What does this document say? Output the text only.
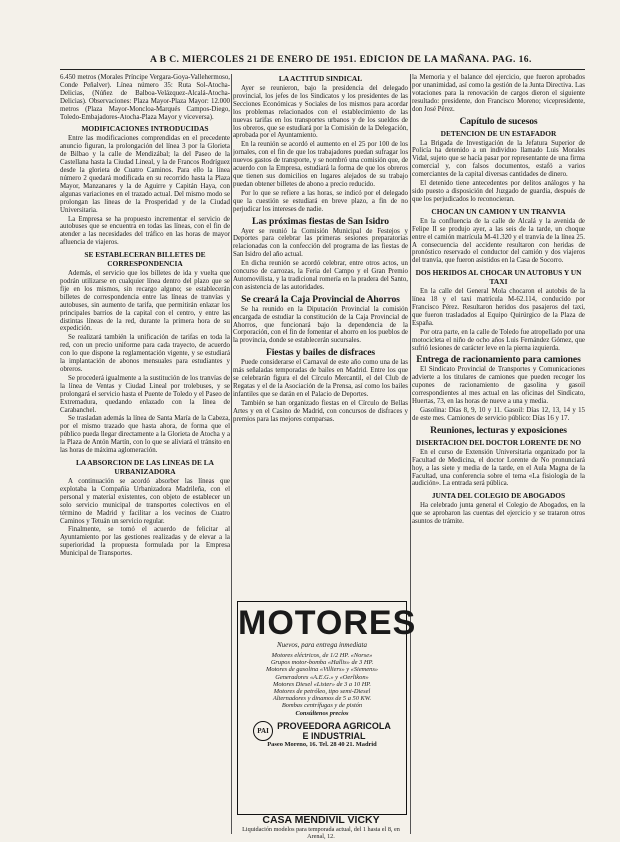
A B C. MIERCOLES 21 DE ENERO DE 1951. EDICION DE LA MAÑANA. PAG. 16.

6.450 metros (Morales Príncipe Vergara-Goya-Vallehermoso, Conde Peñalver). Línea número 35: Ruta Sol-Atocha-Delicias, (Núñez de Balboa-Velázquez-Alcalá-Atocha-Delicias). Observaciones: Plaza Mayor-Plaza Mayor: 12.000 metros (Plaza Mayor-Moncloa-Marqués Campos-Diego, Toledo-Embajadores-Atocha-Plaza Mayor y viceversa).

MODIFICACIONES INTRODUCIDAS

Entre las modificaciones comprendidas en el precedente anuncio figuran, la prolongación del línea 3 por la Glorieta de Bilbao y la calle de Mendizábal; la del Paseo de la Castellana hasta la Ciudad Lineal, y la de Francos Rodríguez desde la glorieta de Cuatro Caminos. Para ello la línea número 2 quedará modificada en su recorrido hasta la Plaza Mayor, Manzanares y la de Aguirre y Capitán Haya, con algunas variaciones en el trazado actual. Del mismo modo se prolongan las líneas de la Prosperidad y de la Ciudad Universitaria.

La Empresa se ha propuesto incrementar el servicio de autobuses que se encuentra en todas las líneas, con el fin de atender a las necesidades del tráfico en las horas de mayor afluencia de viajeros.

SE ESTABLECERAN BILLETES DE CORRESPONDENCIA

Además, el servicio que los billetes de ida y vuelta que podrán utilizarse en cualquier línea dentro del plazo que se fije en los mismos, sin recargo alguno; se establecerán billetes de correspondencia entre las líneas de tranvías y autobuses, sin aumento de tarifa, que permitirán enlazar los principales barrios de la capital con el centro, y entre las distintas líneas de la red, durante la primera hora de su expedición.

Se realizará también la unificación de tarifas en toda la red, con un precio uniforme para cada trayecto, de acuerdo con lo que dispone la reglamentación vigente, y se estudiará la implantación de abonos mensuales para estudiantes y obreros.

Se procederá igualmente a la sustitución de los tranvías de la línea de Ventas y Ciudad Lineal por trolebuses, y se prolongará el servicio hasta el Puente de Toledo y el Paseo de Extremadura, quedando enlazado con la línea de Carabanchel.

Se trasladan además la línea de Santa María de la Cabeza, por el mismo trazado que hasta ahora, de forma que el público pueda llegar directamente a la Glorieta de Atocha y a la Plaza de Antón Martín, con lo que se aliviará el tránsito en las horas de máxima aglomeración.

LA ABSORCION DE LAS LINEAS DE LA URBANIZADORA

A continuación se acordó absorber las líneas que explotaba la Compañía Urbanizadora Madrileña, con el personal y material existentes, con objeto de establecer un solo servicio municipal de transportes colectivos en el término de Madrid y facilitar a los vecinos de Cuatro Caminos y Tetuán un servicio regular.

Finalmente, se tomó el acuerdo de felicitar al Ayuntamiento por las gestiones realizadas y de elevar a la superioridad la propuesta formulada por la Empresa Municipal de Transportes.

LA ACTITUD SINDICAL

Ayer se reunieron, bajo la presidencia del delegado provincial, los jefes de los Sindicatos y los presidentes de las Secciones Económicas y Sociales de los mismos para acordar los problemas relacionados con el establecimiento de las nuevas tarifas en los transportes urbanos y de los sueldos de los obreros, que se estudiará por la Comisión de la Delegación, aprobada por el Ayuntamiento.

En la reunión se acordó el aumento en el 25 por 100 de los jornales, con el fin de que los trabajadores puedan sufragar los nuevos gastos de transporte, y se nombró una comisión que, de acuerdo con la Empresa, estudiará la forma de que los obreros que tienen sus domicilios en lugares alejados de su trabajo puedan obtener billetes de abono a precio reducido.

Por lo que se refiere a las horas, se indicó por el delegado que la cuestión se estudiará en breve plazo, a fin de no perjudicar los intereses de nadie.

Las próximas fiestas de San Isidro

Ayer se reunió la Comisión Municipal de Festejos y Deportes para celebrar las primeras sesiones preparatorias relacionadas con la confección del programa de las fiestas de San Isidro del año actual.

En dicha reunión se acordó celebrar, entre otros actos, un concurso de carrozas, la Feria del Campo y el Gran Premio Automovilista, y la tradicional romería en la pradera del Santo, con asistencia de las autoridades.

Se creará la Caja Provincial de Ahorros

Se ha reunido en la Diputación Provincial la comisión encargada de estudiar la constitución de la Caja Provincial de Ahorros, que funcionará bajo la dependencia de la Corporación, con el fin de fomentar el ahorro en los pueblos de la provincia, donde se establecerán sucursales.

Fiestas y bailes de disfraces

Puede considerarse el Carnaval de este año como una de las más señaladas temporadas de bailes en Madrid. Entre los que se celebrarán figura el del Círculo Mercantil, el del Club de Regatas y el de la Asociación de la Prensa, así como los bailes infantiles que se darán en el Palacio de Deportes.

También se han organizado fiestas en el Círculo de Bellas Artes y en el Casino de Madrid, con concursos de disfraces y premios para las mejores comparsas.

MOTORES
Nuevos, para entrega inmediata
Motores eléctricos, de 1/2 HP. «Norse»
Grupos motor-bomba «Hallis» de 3 HP.
Motores de gasolina «Villiers» y «Siemens»
Generadores «A.E.G.» y «Oerlikon»
Motores Diesel «Lister» de 3 a 10 HP.
Motores de petróleo, tipo semi-Diesel
Alternadores y dinamos de 5 a 50 KW.
Bombas centrífugas y de pistón
Consúltenos precios
PAI PROVEEDORA AGRICOLA
E INDUSTRIAL
Paseo Moreno, 16. Tel. 28 40 21. Madrid
CASA MENDIVIL VICKY
Liquidación modelos para temporada actual, del 1 hasta el 8, en Arenal, 12.

la Memoria y el balance del ejercicio, que fueron aprobados por unanimidad, así como la gestión de la Junta Directiva. Las votaciones para la renovación de cargos dieron el siguiente resultado: presidente, don Francisco Moreno; vicepresidente, don José Pérez.

Capítulo de sucesos
DETENCION DE UN ESTAFADOR

La Brigada de Investigación de la Jefatura Superior de Policía ha detenido a un individuo llamado Luis Morales Vidal, sujeto que se hacía pasar por representante de una firma comercial y, con falsos documentos, estafó a varios comerciantes de la capital diversas cantidades de dinero.

El detenido tiene antecedentes por delitos análogos y ha sido puesto a disposición del Juzgado de guardia, después de que los perjudicados lo reconocieran.

CHOCAN UN CAMION Y UN TRANVIA

En la confluencia de la calle de Alcalá y la avenida de Felipe II se produjo ayer, a las seis de la tarde, un choque entre el camión matrícula M-41.320 y el tranvía de la línea 25. A consecuencia del accidente resultaron con heridas de pronóstico reservado el conductor del camión y dos viajeros del tranvía, que fueron asistidos en la Casa de Socorro.

DOS HERIDOS AL CHOCAR UN AUTOBUS Y UN TAXI

En la calle del General Mola chocaron el autobús de la línea 18 y el taxi matrícula M-62.114, conducido por Francisco Pérez. Resultaron heridos dos pasajeros del taxi, que fueron trasladados al Equipo Quirúrgico de la Plaza de España.

Por otra parte, en la calle de Toledo fue atropellado por una motocicleta el niño de ocho años Luis Fernández Gómez, que sufrió lesiones de carácter leve en la pierna izquierda.

Entrega de racionamiento para camiones

El Sindicato Provincial de Transportes y Comunicaciones advierte a los titulares de camiones que pueden recoger los cupones de racionamiento de gasolina y gasoil correspondientes al mes actual en las oficinas del Sindicato, Huertas, 73, en las horas de nueve a una y media.

Gasolina: Días 8, 9, 10 y 11. Gasoil: Días 12, 13, 14 y 15 de este mes. Camiones de servicio público: Días 16 y 17.

Reuniones, lecturas y exposiciones
DISERTACION DEL DOCTOR LORENTE DE NO

En el curso de Extensión Universitaria organizado por la Facultad de Medicina, el doctor Lorente de No pronunciará hoy, a las siete y media de la tarde, en el Aula Magna de la Facultad, una conferencia sobre el tema «La fisiología de la audición». La entrada será pública.

JUNTA DEL COLEGIO DE ABOGADOS

Ha celebrado junta general el Colegio de Abogados, en la que se aprobaron las cuentas del ejercicio y se trataron otros asuntos de trámite.
